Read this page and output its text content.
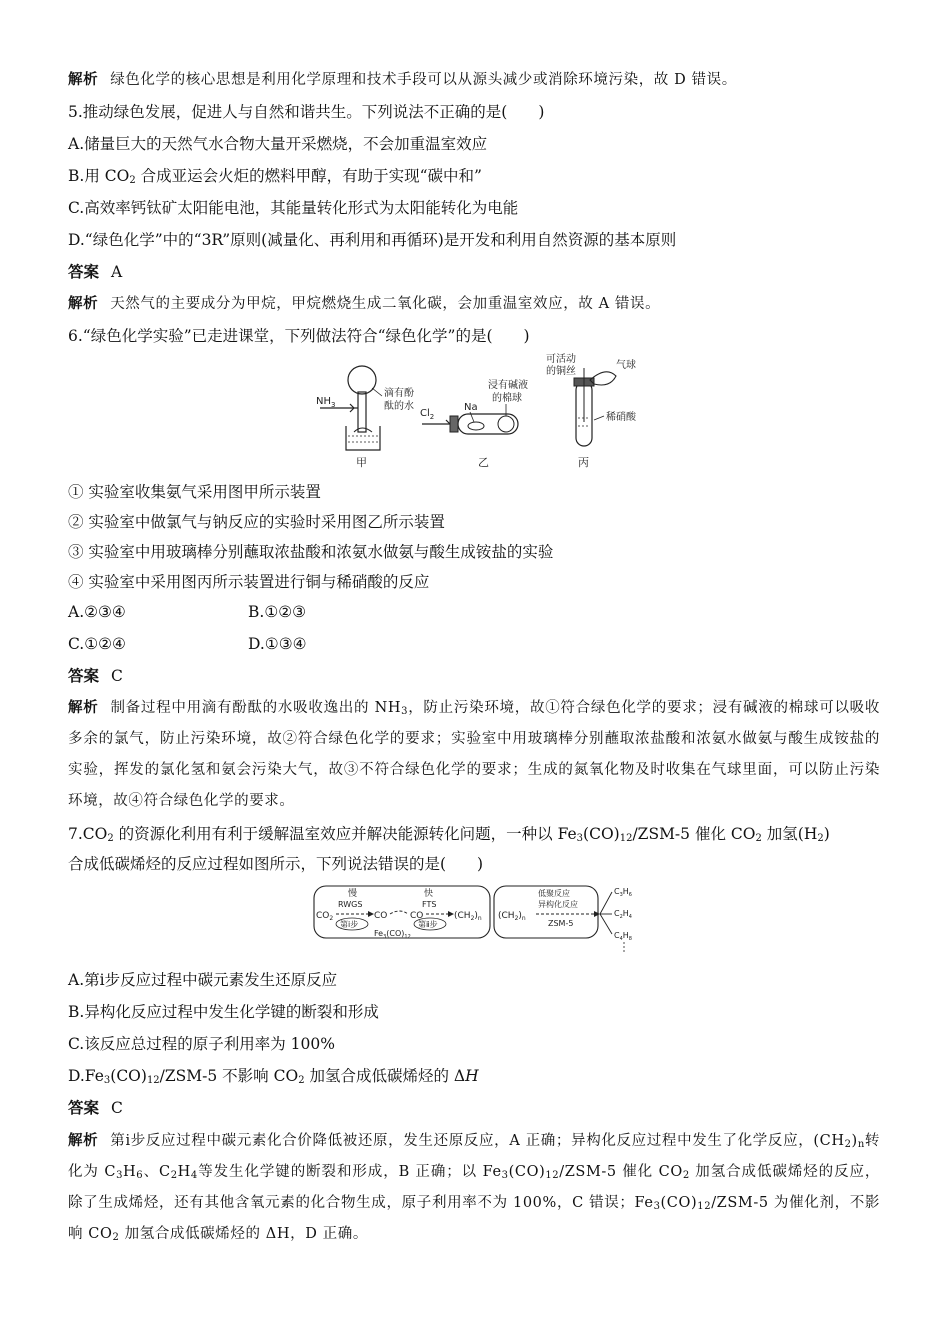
解析 绿色化学的核心思想是利用化学原理和技术手段可以从源头减少或消除环境污染，故 D 错误。
5.推动绿色发展，促进人与自然和谐共生。下列说法不正确的是(　　)
A.储量巨大的天然气水合物大量开采燃烧，不会加重温室效应
B.用 $CO_2$ 合成亚运会火炬的燃料甲醇，有助于实现“碳中和”
C.高效率钙钛矿太阳能电池，其能量转化形式为太阳能转化为电能
D.“绿色化学”中的“3R”原则(减量化、再利用和再循环)是开发和利用自然资源的基本原则
答案 A
解析 天然气的主要成分为甲烷，甲烷燃烧生成二氧化碳，会加重温室效应，故 A 错误。
6.“绿色化学实验”已走进课堂，下列做法符合“绿色化学”的是(　　)
$NH_3$
滴有酚
酞的水
甲
$Cl_2$
Na
浸有碱液
的棉球
乙
可活动
的铜丝
气球
稀硝酸
丙
① 实验室收集氨气采用图甲所示装置
② 实验室中做氯气与钠反应的实验时采用图乙所示装置
③ 实验室中用玻璃棒分别蘸取浓盐酸和浓氨水做氨与酸生成铵盐的实验
④ 实验室中采用图丙所示装置进行铜与稀硝酸的反应
A.②③④	B.①②③
C.①②④	D.①③④
答案 C
解析 制备过程中用滴有酚酞的水吸收逸出的 $NH_3$，防止污染环境，故①符合绿色化学的要求；浸有碱液的棉球可以吸收多余的氯气，防止污染环境，故②符合绿色化学的要求；实验室中用玻璃棒分别蘸取浓盐酸和浓氨水做氨与酸生成铵盐的实验，挥发的氯化氢和氨会污染大气，故③不符合绿色化学的要求；生成的氮氧化物及时收集在气球里面，可以防止污染环境，故④符合绿色化学的要求。
$7.CO_2$ 的资源化利用有利于缓解温室效应并解决能源转化问题，一种以 $Fe_3(CO)_{12}/ZSM-5$ 催化 $CO_2$ 加氢$(H_2)$
合成低碳烯烃的反应过程如图所示，下列说法错误的是(　　)
慢	快
RWGS	FTS
$CO_2$	CO	CO	$(CH_2)_n$
第ⅰ步	第ⅱ步
$Fe_3(CO)_{12}$
$(CH_2)_n$
低聚反应
异构化反应
ZSM-5
$C_3H_6$
$C_2H_4$
$C_4H_8$
A.第ⅰ步反应过程中碳元素发生还原反应
B.异构化反应过程中发生化学键的断裂和形成
C.该反应总过程的原子利用率为 100%
$D.Fe_3(CO)_{12}/ZSM-5$ 不影响 $CO_2$ 加氢合成低碳烯烃的 ΔH
答案 C
解析 第ⅰ步反应过程中碳元素化合价降低被还原，发生还原反应，A 正确；异构化反应过程中发生了化学反应，$(CH_2)_n$转化为 $C_3H_6$、$C_2H_4$等发生化学键的断裂和形成，B 正确；以 $Fe_3(CO)_{12}/ZSM-5$ 催化 $CO_2$ 加氢合成低碳烯烃的反应，除了生成烯烃，还有其他含氧元素的化合物生成，原子利用率不为 100%，C 错误；$Fe_3(CO)_{12}/ZSM-5$ 为催化剂，不影响 $CO_2$ 加氢合成低碳烯烃的 ΔH，D 正确。
